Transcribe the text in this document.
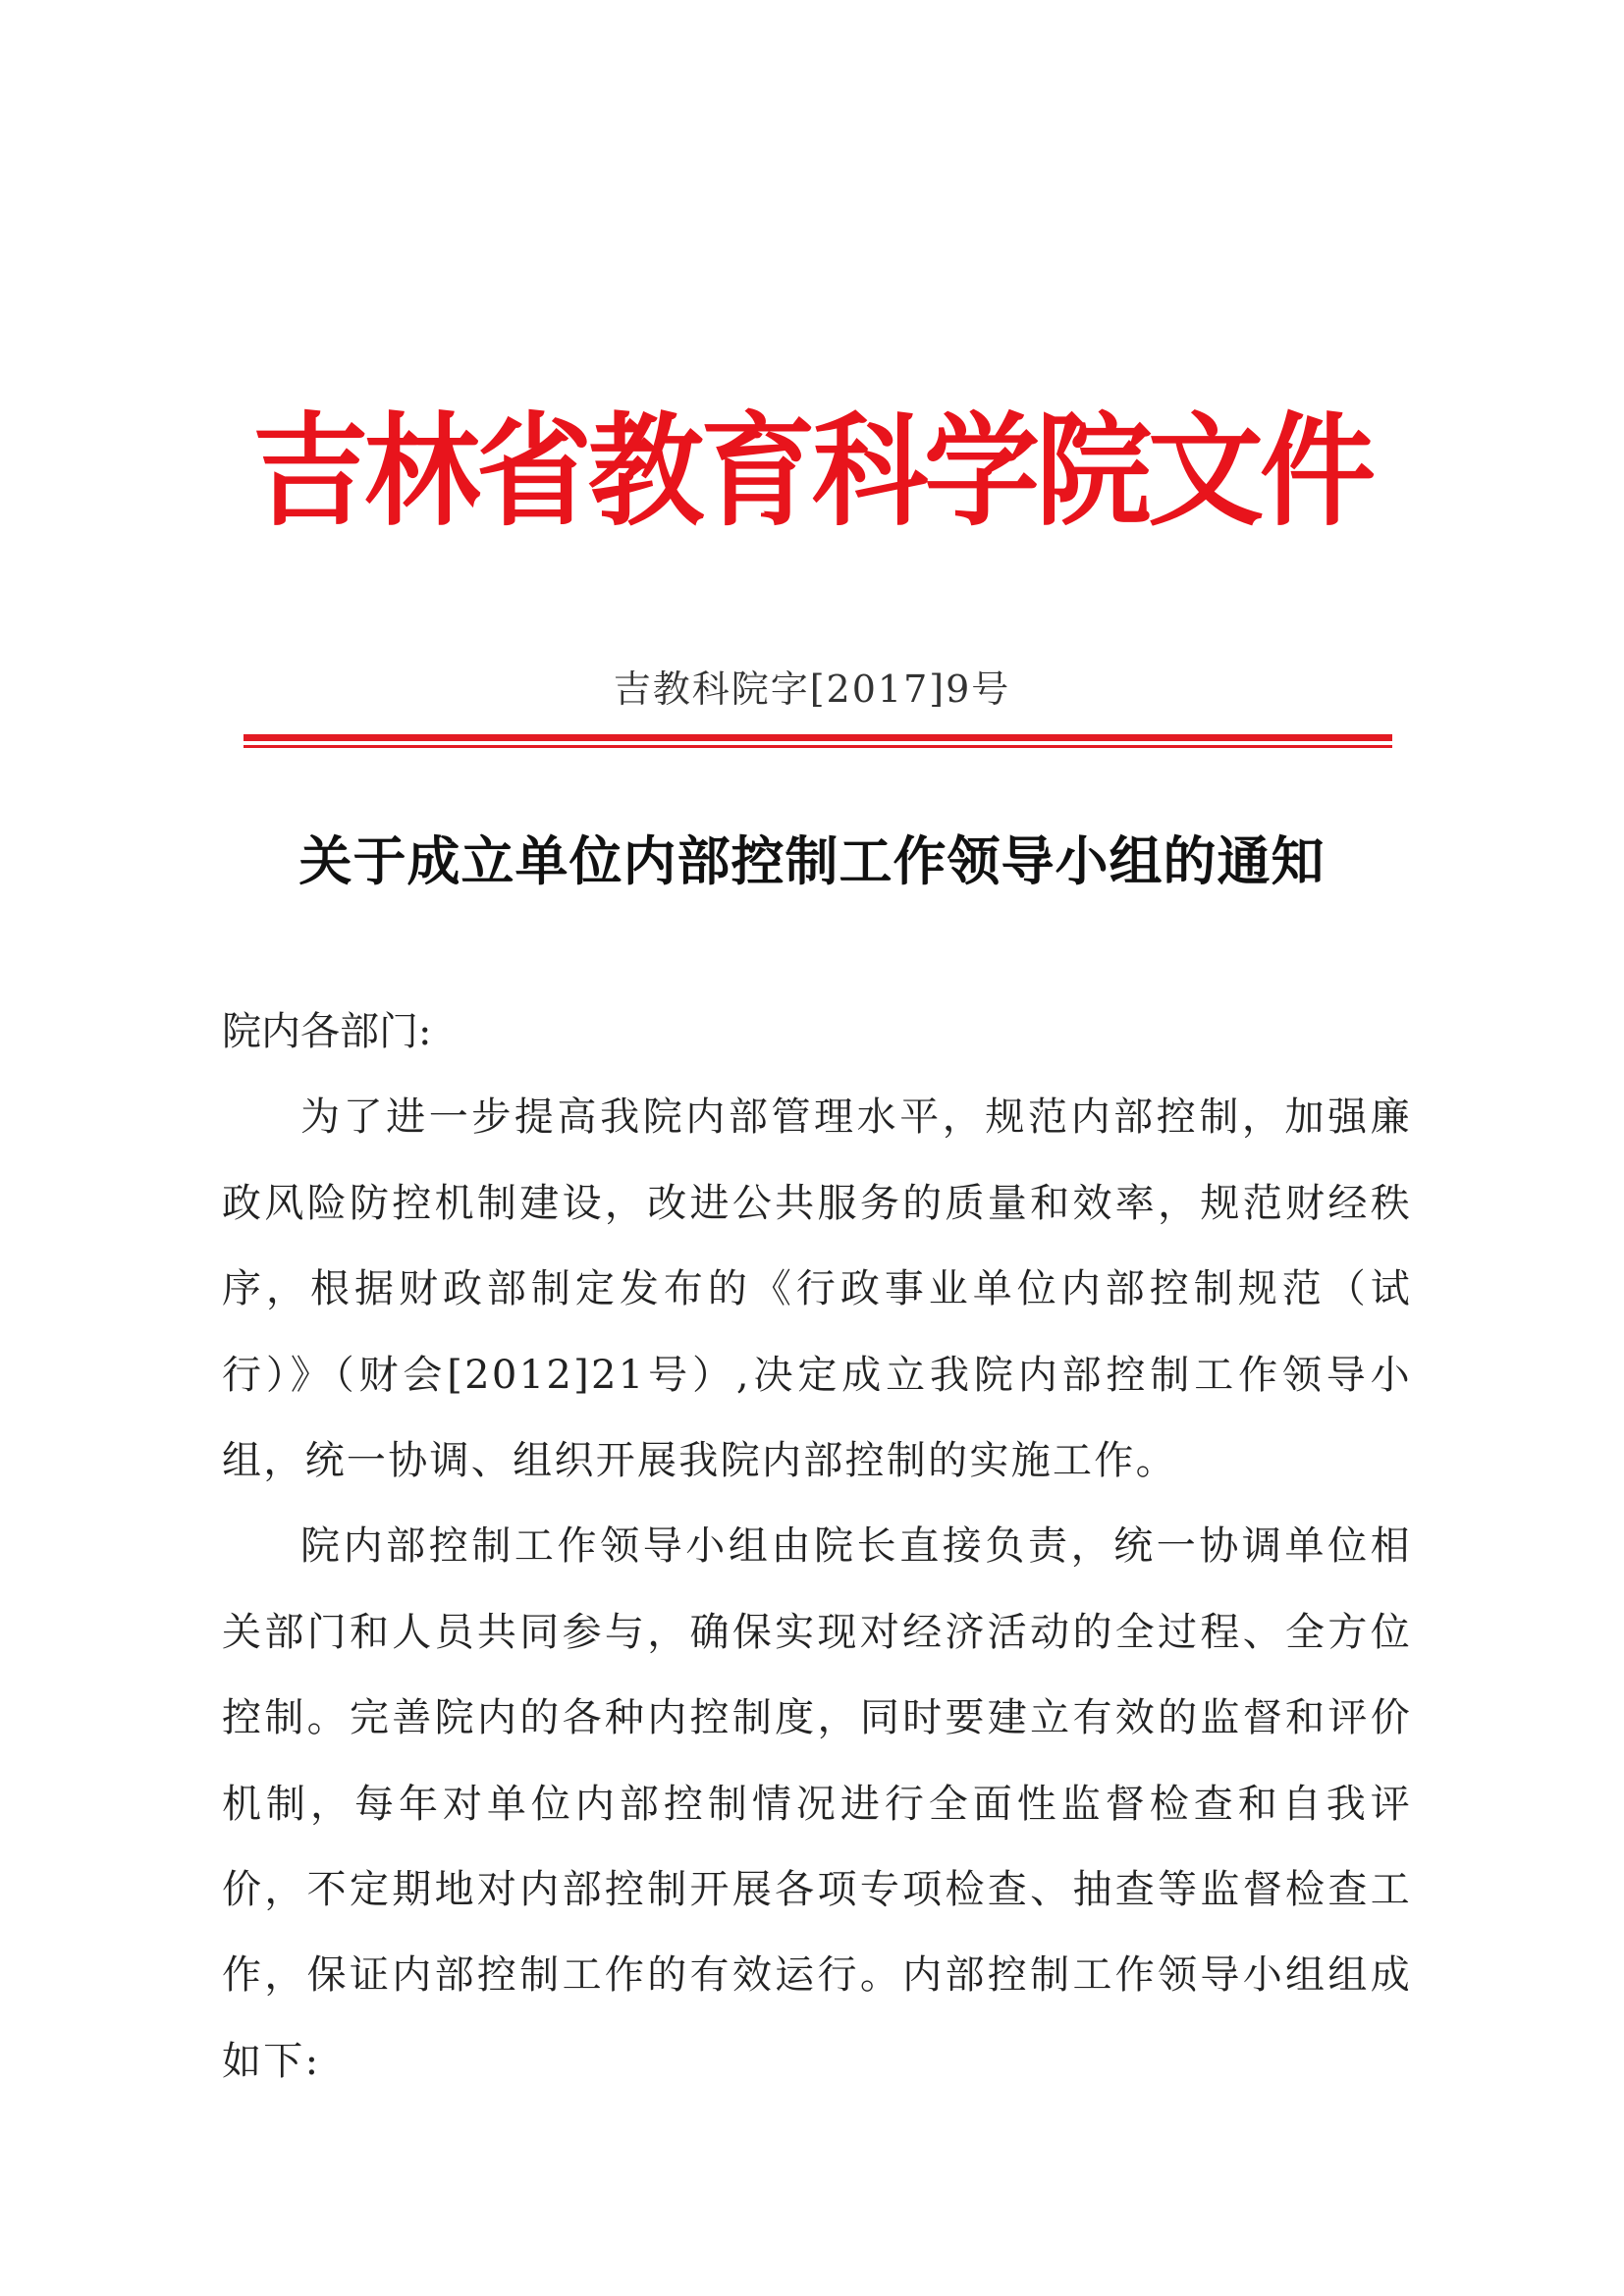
吉林省教育科学院文件
吉教科院字[2017]9号
关于成立单位内部控制工作领导小组的通知

院内各部门:

为了进一步提高我院内部管理水平，规范内部控制，加强廉政风险防控机制建设，改进公共服务的质量和效率，规范财经秩序，根据财政部制定发布的《行政事业单位内部控制规范（试行）》（财会[2012]21号）,决定成立我院内部控制工作领导小组，统一协调、组织开展我院内部控制的实施工作。

院内部控制工作领导小组由院长直接负责，统一协调单位相关部门和人员共同参与，确保实现对经济活动的全过程、全方位控制。完善院内的各种内控制度，同时要建立有效的监督和评价机制，每年对单位内部控制情况进行全面性监督检查和自我评价，不定期地对内部控制开展各项专项检查、抽查等监督检查工作，保证内部控制工作的有效运行。内部控制工作领导小组组成如下:
